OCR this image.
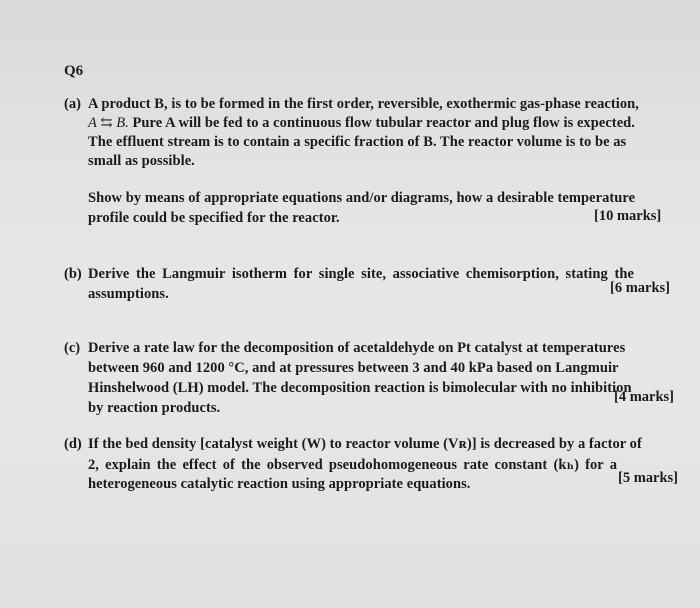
Q6
(a) A product B, is to be formed in the first order, reversible, exothermic gas-phase reaction,
A ⇆ B. Pure A will be fed to a continuous flow tubular reactor and plug flow is expected.
The effluent stream is to contain a specific fraction of B. The reactor volume is to be as
small as possible.
Show by means of appropriate equations and/or diagrams, how a desirable temperature
profile could be specified for the reactor.	[10 marks]
(b) Derive the Langmuir isotherm for single site, associative chemisorption, stating the
assumptions.	[6 marks]
(c) Derive a rate law for the decomposition of acetaldehyde on Pt catalyst at temperatures
between 960 and 1200 °C, and at pressures between 3 and 40 kPa based on Langmuir
Hinshelwood (LH) model. The decomposition reaction is bimolecular with no inhibition
by reaction products.
[4 marks]
(d) If the bed density [catalyst weight (W) to reactor volume (Vʀ)] is decreased by a factor of
2, explain the effect of the observed pseudohomogeneous rate constant (kₕ) for a
heterogeneous catalytic reaction using appropriate equations.	[5 marks]
